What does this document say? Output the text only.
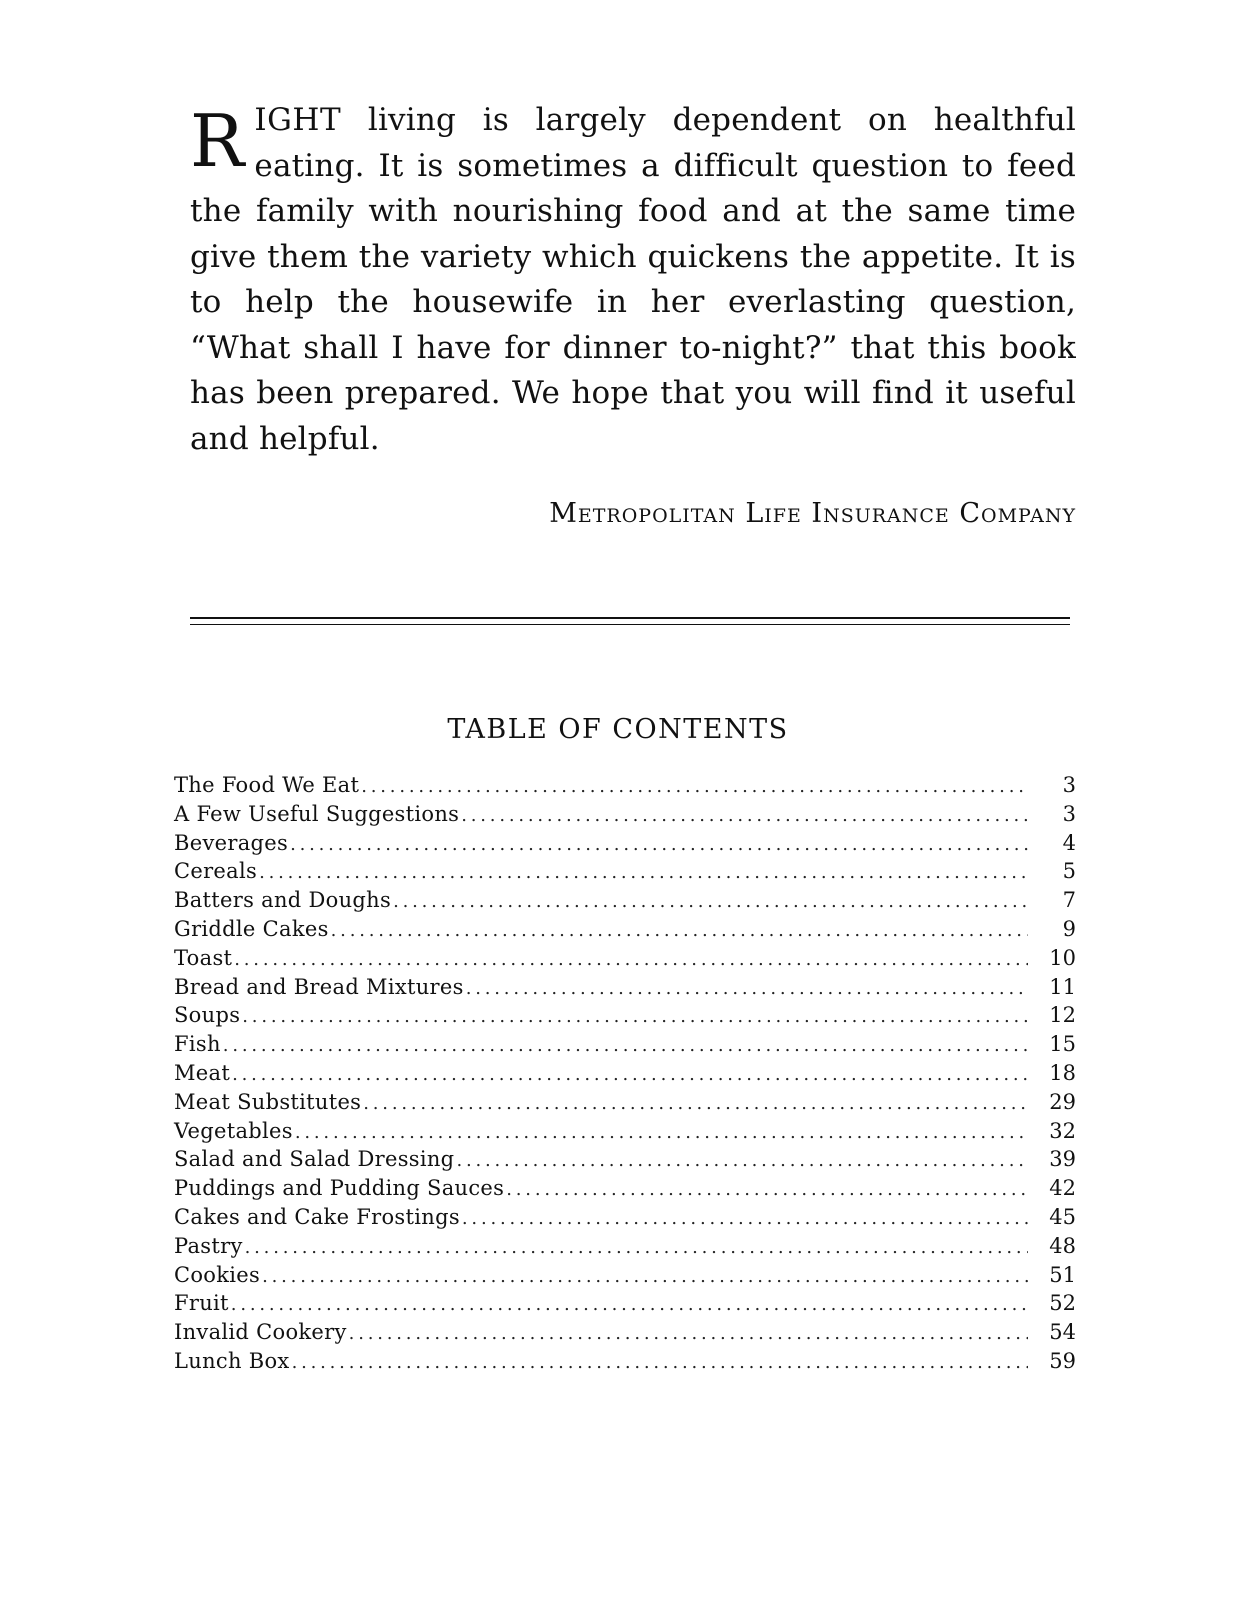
RIGHT living is largely dependent on healthful eating. It is sometimes a difficult question to feed the family with nourishing food and at the same time give them the variety which quickens the appetite. It is to help the housewife in her everlasting question, “What shall I have for dinner to-night?” that this book has been prepared. We hope that you will find it useful and helpful.
Metropolitan Life Insurance Company
TABLE OF CONTENTS
The Food We Eat .....	3
A Few Useful Suggestions .....	3
Beverages .....	4
Cereals .....	5
Batters and Doughs .....	7
Griddle Cakes .....	9
Toast .....	10
Bread and Bread Mixtures .....	11
Soups .....	12
Fish .....	15
Meat .....	18
Meat Substitutes .....	29
Vegetables .....	32
Salad and Salad Dressing .....	39
Puddings and Pudding Sauces .....	42
Cakes and Cake Frostings .....	45
Pastry .....	48
Cookies .....	51
Fruit .....	52
Invalid Cookery .....	54
Lunch Box .....	59
